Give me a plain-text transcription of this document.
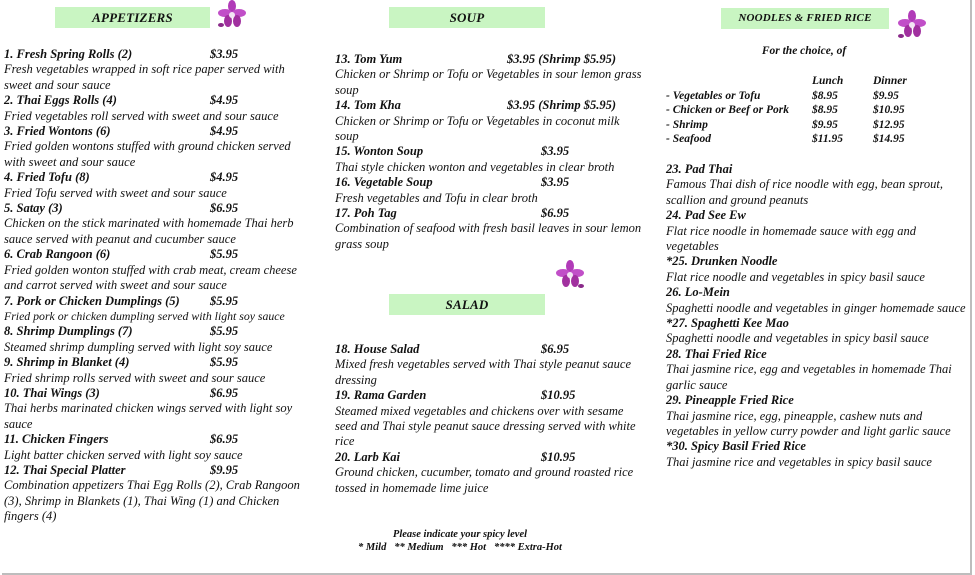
APPETIZERS	SOUP
SALAD
NOODLES & FRIED RICE
1. Fresh Spring Rolls (2)	$3.95
Fresh vegetables wrapped in soft rice paper served with sweet and sour sauce
2. Thai Eggs Rolls (4)	$4.95
Fried vegetables roll served with sweet and sour sauce
3. Fried Wontons (6)	$4.95
Fried golden wontons stuffed with ground chicken served with sweet and sour sauce
4. Fried Tofu (8)	$4.95
Fried Tofu served with sweet and sour sauce
5. Satay (3)	$6.95
Chicken on the stick marinated with homemade Thai herb sauce served with peanut and cucumber sauce
6. Crab Rangoon (6)	$5.95
Fried golden wonton stuffed with crab meat, cream cheese and carrot served with sweet and sour sauce
7. Pork or Chicken Dumplings (5) $5.95
Fried pork or chicken dumpling served with light soy sauce
8. Shrimp Dumplings (7)	$5.95
Steamed shrimp dumpling served with light soy sauce
9. Shrimp in Blanket (4)	$5.95
Fried shrimp rolls served with sweet and sour sauce
10. Thai Wings (3)	$6.95
Thai herbs marinated chicken wings served with light soy sauce
11. Chicken Fingers	$6.95
Light batter chicken served with light soy sauce
12. Thai Special Platter	$9.95
Combination appetizers Thai Egg Rolls (2), Crab Rangoon (3), Shrimp in Blankets (1), Thai Wing (1) and Chicken fingers (4)
13. Tom Yum	$3.95 (Shrimp $5.95)
Chicken or Shrimp or Tofu or Vegetables in sour lemon grass soup
14. Tom Kha	$3.95 (Shrimp $5.95)
Chicken or Shrimp or Tofu or Vegetables in coconut milk soup
15. Wonton Soup	$3.95
Thai style chicken wonton and vegetables in clear broth
16. Vegetable Soup	$3.95
Fresh vegetables and Tofu in clear broth
17. Poh Tag	$6.95
Combination of seafood with fresh basil leaves in sour lemon grass soup
18. House Salad	$6.95
Mixed fresh vegetables served with Thai style peanut sauce dressing
19. Rama Garden	$10.95
Steamed mixed vegetables and chickens over with sesame seed and Thai style peanut sauce dressing served with white rice
20. Larb Kai	$10.95
Ground chicken, cucumber, tomato and ground roasted rice tossed in homemade lime juice
Please indicate your spicy level
* Mild   ** Medium   *** Hot   **** Extra-Hot
For the choice, of
	Lunch	Dinner
- Vegetables or Tofu	$8.95	$9.95
- Chicken or Beef or Pork	$8.95	$10.95
- Shrimp	$9.95	$12.95
- Seafood	$11.95	$14.95
23. Pad Thai
Famous Thai dish of rice noodle with egg, bean sprout, scallion and ground peanuts
24. Pad See Ew
Flat rice noodle in homemade sauce with egg and vegetables
*25. Drunken Noodle
Flat rice noodle and vegetables in spicy basil sauce
26. Lo-Mein
Spaghetti noodle and vegetables in ginger homemade sauce
*27. Spaghetti Kee Mao
Spaghetti noodle and vegetables in spicy basil sauce
28. Thai Fried Rice
Thai jasmine rice, egg and vegetables in homemade Thai garlic sauce
29. Pineapple Fried Rice
Thai jasmine rice, egg, pineapple, cashew nuts and vegetables in yellow curry powder and light garlic sauce
*30. Spicy Basil Fried Rice
Thai jasmine rice and vegetables in spicy basil sauce
